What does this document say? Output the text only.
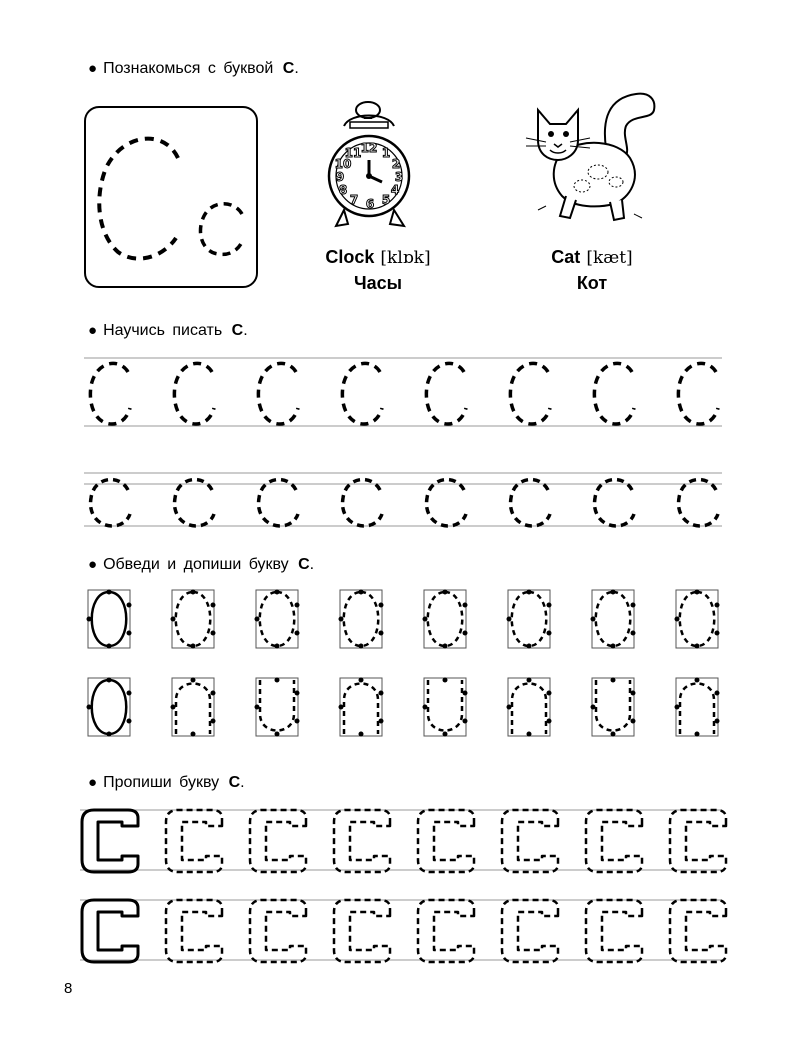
● Познакомься с буквой C.
12 1
2
3
4
5
6
7
8
9
10
11
Clock [klɒk]
Часы
Cat [kæt]
Кот
● Научись писать C.
● Обведи и допиши букву C.
● Пропиши букву C.
8
